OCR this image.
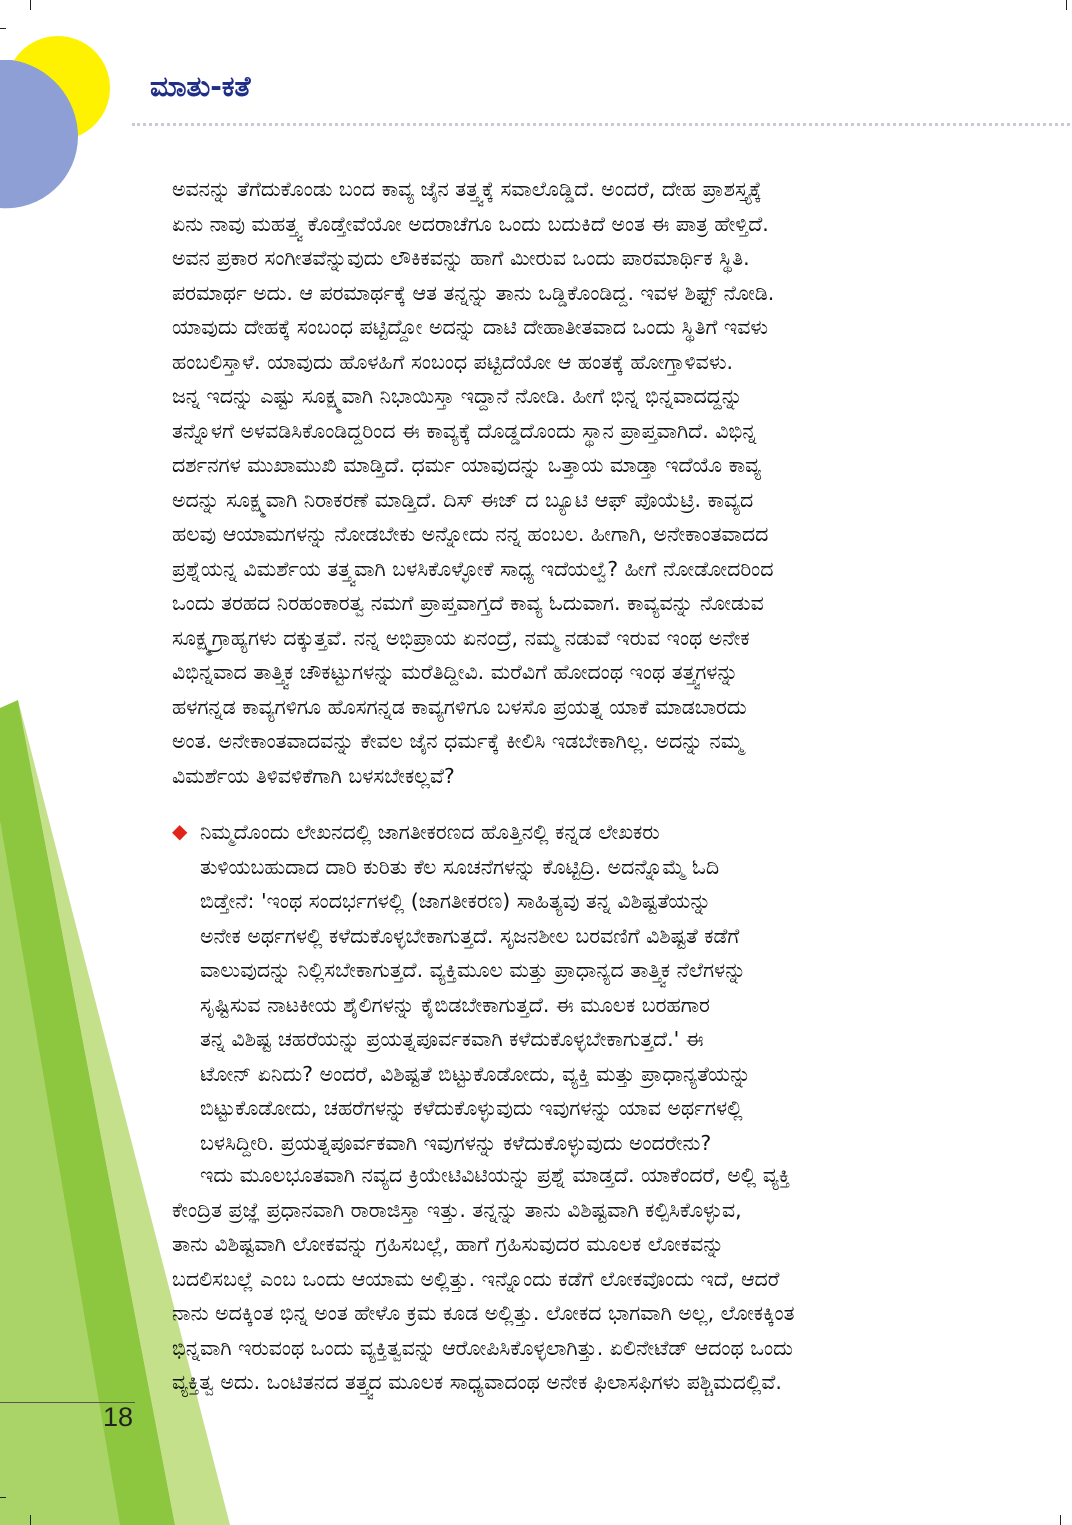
ಮಾತು-ಕತೆ
ಅವನನ್ನು ತೆಗೆದುಕೊಂಡು ಬಂದ ಕಾವ್ಯ ಜೈನ ತತ್ತ್ವಕ್ಕೆ ಸವಾಲೊಡ್ಡಿದೆ. ಅಂದರೆ, ದೇಹ ಪ್ರಾಶಸ್ತ್ಯಕ್ಕೆ
ಏನು ನಾವು ಮಹತ್ತ್ವ ಕೊಡ್ತೇವೆಯೋ ಅದರಾಚೆಗೂ ಒಂದು ಬದುಕಿದೆ ಅಂತ ಈ ಪಾತ್ರ ಹೇಳ್ತಿದೆ.
ಅವನ ಪ್ರಕಾರ ಸಂಗೀತವೆನ್ನುವುದು ಲೌಕಿಕವನ್ನು ಹಾಗೆ ಮೀರುವ ಒಂದು ಪಾರಮಾರ್ಥಿಕ ಸ್ಥಿತಿ.
ಪರಮಾರ್ಥ ಅದು. ಆ ಪರಮಾರ್ಥಕ್ಕೆ ಆತ ತನ್ನನ್ನು ತಾನು ಒಡ್ಡಿಕೊಂಡಿದ್ದ. ಇವಳ ಶಿಫ್ಟ್ ನೋಡಿ.
ಯಾವುದು ದೇಹಕ್ಕೆ ಸಂಬಂಧ ಪಟ್ಟಿದ್ದೋ ಅದನ್ನು ದಾಟಿ ದೇಹಾತೀತವಾದ ಒಂದು ಸ್ಥಿತಿಗೆ ಇವಳು
ಹಂಬಲಿಸ್ತಾಳೆ. ಯಾವುದು ಹೊಳಹಿಗೆ ಸಂಬಂಧ ಪಟ್ಟಿದೆಯೋ ಆ ಹಂತಕ್ಕೆ ಹೋಗ್ತಾಳಿವಳು.
ಜನ್ನ ಇದನ್ನು ಎಷ್ಟು ಸೂಕ್ಷ್ಮವಾಗಿ ನಿಭಾಯಿಸ್ತಾ ಇದ್ದಾನೆ ನೋಡಿ. ಹೀಗೆ ಭಿನ್ನ ಭಿನ್ನವಾದದ್ದನ್ನು
ತನ್ನೊಳಗೆ ಅಳವಡಿಸಿಕೊಂಡಿದ್ದರಿಂದ ಈ ಕಾವ್ಯಕ್ಕೆ ದೊಡ್ಡದೊಂದು ಸ್ಥಾನ ಪ್ರಾಪ್ತವಾಗಿದೆ. ವಿಭಿನ್ನ
ದರ್ಶನಗಳ ಮುಖಾಮುಖಿ ಮಾಡ್ತಿದೆ. ಧರ್ಮ ಯಾವುದನ್ನು ಒತ್ತಾಯ ಮಾಡ್ತಾ ಇದೆಯೊ ಕಾವ್ಯ
ಅದನ್ನು ಸೂಕ್ಷ್ಮವಾಗಿ ನಿರಾಕರಣೆ ಮಾಡ್ತಿದೆ. ದಿಸ್ ಈಜ್ ದ ಬ್ಯೂಟಿ ಆಫ್ ಪೊಯೆಟ್ರಿ. ಕಾವ್ಯದ
ಹಲವು ಆಯಾಮಗಳನ್ನು ನೋಡಬೇಕು ಅನ್ನೋದು ನನ್ನ ಹಂಬಲ. ಹೀಗಾಗಿ, ಅನೇಕಾಂತವಾದದ
ಪ್ರಶ್ನೆಯನ್ನ ವಿಮರ್ಶೆಯ ತತ್ತ್ವವಾಗಿ ಬಳಸಿಕೊಳ್ಳೋಕೆ ಸಾಧ್ಯ ಇದೆಯಲ್ವೆ? ಹೀಗೆ ನೋಡೋದರಿಂದ
ಒಂದು ತರಹದ ನಿರಹಂಕಾರತ್ವ ನಮಗೆ ಪ್ರಾಪ್ತವಾಗ್ತದೆ ಕಾವ್ಯ ಓದುವಾಗ. ಕಾವ್ಯವನ್ನು ನೋಡುವ
ಸೂಕ್ಷ್ಮಗ್ರಾಹ್ಯಗಳು ದಕ್ಕುತ್ತವೆ. ನನ್ನ ಅಭಿಪ್ರಾಯ ಏನಂದ್ರೆ, ನಮ್ಮ ನಡುವೆ ಇರುವ ಇಂಥ ಅನೇಕ
ವಿಭಿನ್ನವಾದ ತಾತ್ತ್ವಿಕ ಚೌಕಟ್ಟುಗಳನ್ನು ಮರೆತಿದ್ದೀವಿ. ಮರೆವಿಗೆ ಹೋದಂಥ ಇಂಥ ತತ್ತ್ವಗಳನ್ನು
ಹಳಗನ್ನಡ ಕಾವ್ಯಗಳಿಗೂ ಹೊಸಗನ್ನಡ ಕಾವ್ಯಗಳಿಗೂ ಬಳಸೊ ಪ್ರಯತ್ನ ಯಾಕೆ ಮಾಡಬಾರದು
ಅಂತ. ಅನೇಕಾಂತವಾದವನ್ನು ಕೇವಲ ಜೈನ ಧರ್ಮಕ್ಕೆ ಕೀಲಿಸಿ ಇಡಬೇಕಾಗಿಲ್ಲ. ಅದನ್ನು ನಮ್ಮ
ವಿಮರ್ಶೆಯ ತಿಳಿವಳಿಕೆಗಾಗಿ ಬಳಸಬೇಕಲ್ಲವೆ?
◆ ನಿಮ್ಮದೊಂದು ಲೇಖನದಲ್ಲಿ ಜಾಗತೀಕರಣದ ಹೊತ್ತಿನಲ್ಲಿ ಕನ್ನಡ ಲೇಖಕರು
ತುಳಿಯಬಹುದಾದ ದಾರಿ ಕುರಿತು ಕೆಲ ಸೂಚನೆಗಳನ್ನು ಕೊಟ್ಟಿದ್ರಿ. ಅದನ್ನೊಮ್ಮೆ ಓದಿ
ಬಿಡ್ತೇನೆ: 'ಇಂಥ ಸಂದರ್ಭಗಳಲ್ಲಿ (ಜಾಗತೀಕರಣ) ಸಾಹಿತ್ಯವು ತನ್ನ ವಿಶಿಷ್ಟತೆಯನ್ನು
ಅನೇಕ ಅರ್ಥಗಳಲ್ಲಿ ಕಳೆದುಕೊಳ್ಳಬೇಕಾಗುತ್ತದೆ. ಸೃಜನಶೀಲ ಬರವಣಿಗೆ ವಿಶಿಷ್ಟತೆ ಕಡೆಗೆ
ವಾಲುವುದನ್ನು ನಿಲ್ಲಿಸಬೇಕಾಗುತ್ತದೆ. ವ್ಯಕ್ತಿಮೂಲ ಮತ್ತು ಪ್ರಾಧಾನ್ಯದ ತಾತ್ತ್ವಿಕ ನೆಲೆಗಳನ್ನು
ಸೃಷ್ಟಿಸುವ ನಾಟಕೀಯ ಶೈಲಿಗಳನ್ನು ಕೈಬಿಡಬೇಕಾಗುತ್ತದೆ. ಈ ಮೂಲಕ ಬರಹಗಾರ
ತನ್ನ ವಿಶಿಷ್ಟ ಚಹರೆಯನ್ನು ಪ್ರಯತ್ನಪೂರ್ವಕವಾಗಿ ಕಳೆದುಕೊಳ್ಳಬೇಕಾಗುತ್ತದೆ.' ಈ
ಟೋನ್ ಏನಿದು? ಅಂದರೆ, ವಿಶಿಷ್ಟತೆ ಬಿಟ್ಟುಕೊಡೋದು, ವ್ಯಕ್ತಿ ಮತ್ತು ಪ್ರಾಧಾನ್ಯತೆಯನ್ನು
ಬಿಟ್ಟುಕೊಡೋದು, ಚಹರೆಗಳನ್ನು ಕಳೆದುಕೊಳ್ಳುವುದು ಇವುಗಳನ್ನು ಯಾವ ಅರ್ಥಗಳಲ್ಲಿ
ಬಳಸಿದ್ದೀರಿ. ಪ್ರಯತ್ನಪೂರ್ವಕವಾಗಿ ಇವುಗಳನ್ನು ಕಳೆದುಕೊಳ್ಳುವುದು ಅಂದರೇನು?
ಇದು ಮೂಲಭೂತವಾಗಿ ನವ್ಯದ ಕ್ರಿಯೇಟಿವಿಟಿಯನ್ನು ಪ್ರಶ್ನೆ ಮಾಡ್ತದೆ. ಯಾಕೆಂದರೆ, ಅಲ್ಲಿ ವ್ಯಕ್ತಿ
ಕೇಂದ್ರಿತ ಪ್ರಜ್ಞೆ ಪ್ರಧಾನವಾಗಿ ರಾರಾಜಿಸ್ತಾ ಇತ್ತು. ತನ್ನನ್ನು ತಾನು ವಿಶಿಷ್ಟವಾಗಿ ಕಲ್ಪಿಸಿಕೊಳ್ಳುವ,
ತಾನು ವಿಶಿಷ್ಟವಾಗಿ ಲೋಕವನ್ನು ಗ್ರಹಿಸಬಲ್ಲೆ, ಹಾಗೆ ಗ್ರಹಿಸುವುದರ ಮೂಲಕ ಲೋಕವನ್ನು
ಬದಲಿಸಬಲ್ಲೆ ಎಂಬ ಒಂದು ಆಯಾಮ ಅಲ್ಲಿತ್ತು. ಇನ್ನೊಂದು ಕಡೆಗೆ ಲೋಕವೊಂದು ಇದೆ, ಆದರೆ
ನಾನು ಅದಕ್ಕಿಂತ ಭಿನ್ನ ಅಂತ ಹೇಳೊ ಕ್ರಮ ಕೂಡ ಅಲ್ಲಿತ್ತು. ಲೋಕದ ಭಾಗವಾಗಿ ಅಲ್ಲ, ಲೋಕಕ್ಕಿಂತ
ಭಿನ್ನವಾಗಿ ಇರುವಂಥ ಒಂದು ವ್ಯಕ್ತಿತ್ವವನ್ನು ಆರೋಪಿಸಿಕೊಳ್ಳಲಾಗಿತ್ತು. ಏಲಿನೇಟೆಡ್ ಆದಂಥ ಒಂದು
ವ್ಯಕ್ತಿತ್ವ ಅದು. ಒಂಟಿತನದ ತತ್ತ್ವದ ಮೂಲಕ ಸಾಧ್ಯವಾದಂಥ ಅನೇಕ ಫಿಲಾಸಫಿಗಳು ಪಶ್ಚಿಮದಲ್ಲಿವೆ.
18
